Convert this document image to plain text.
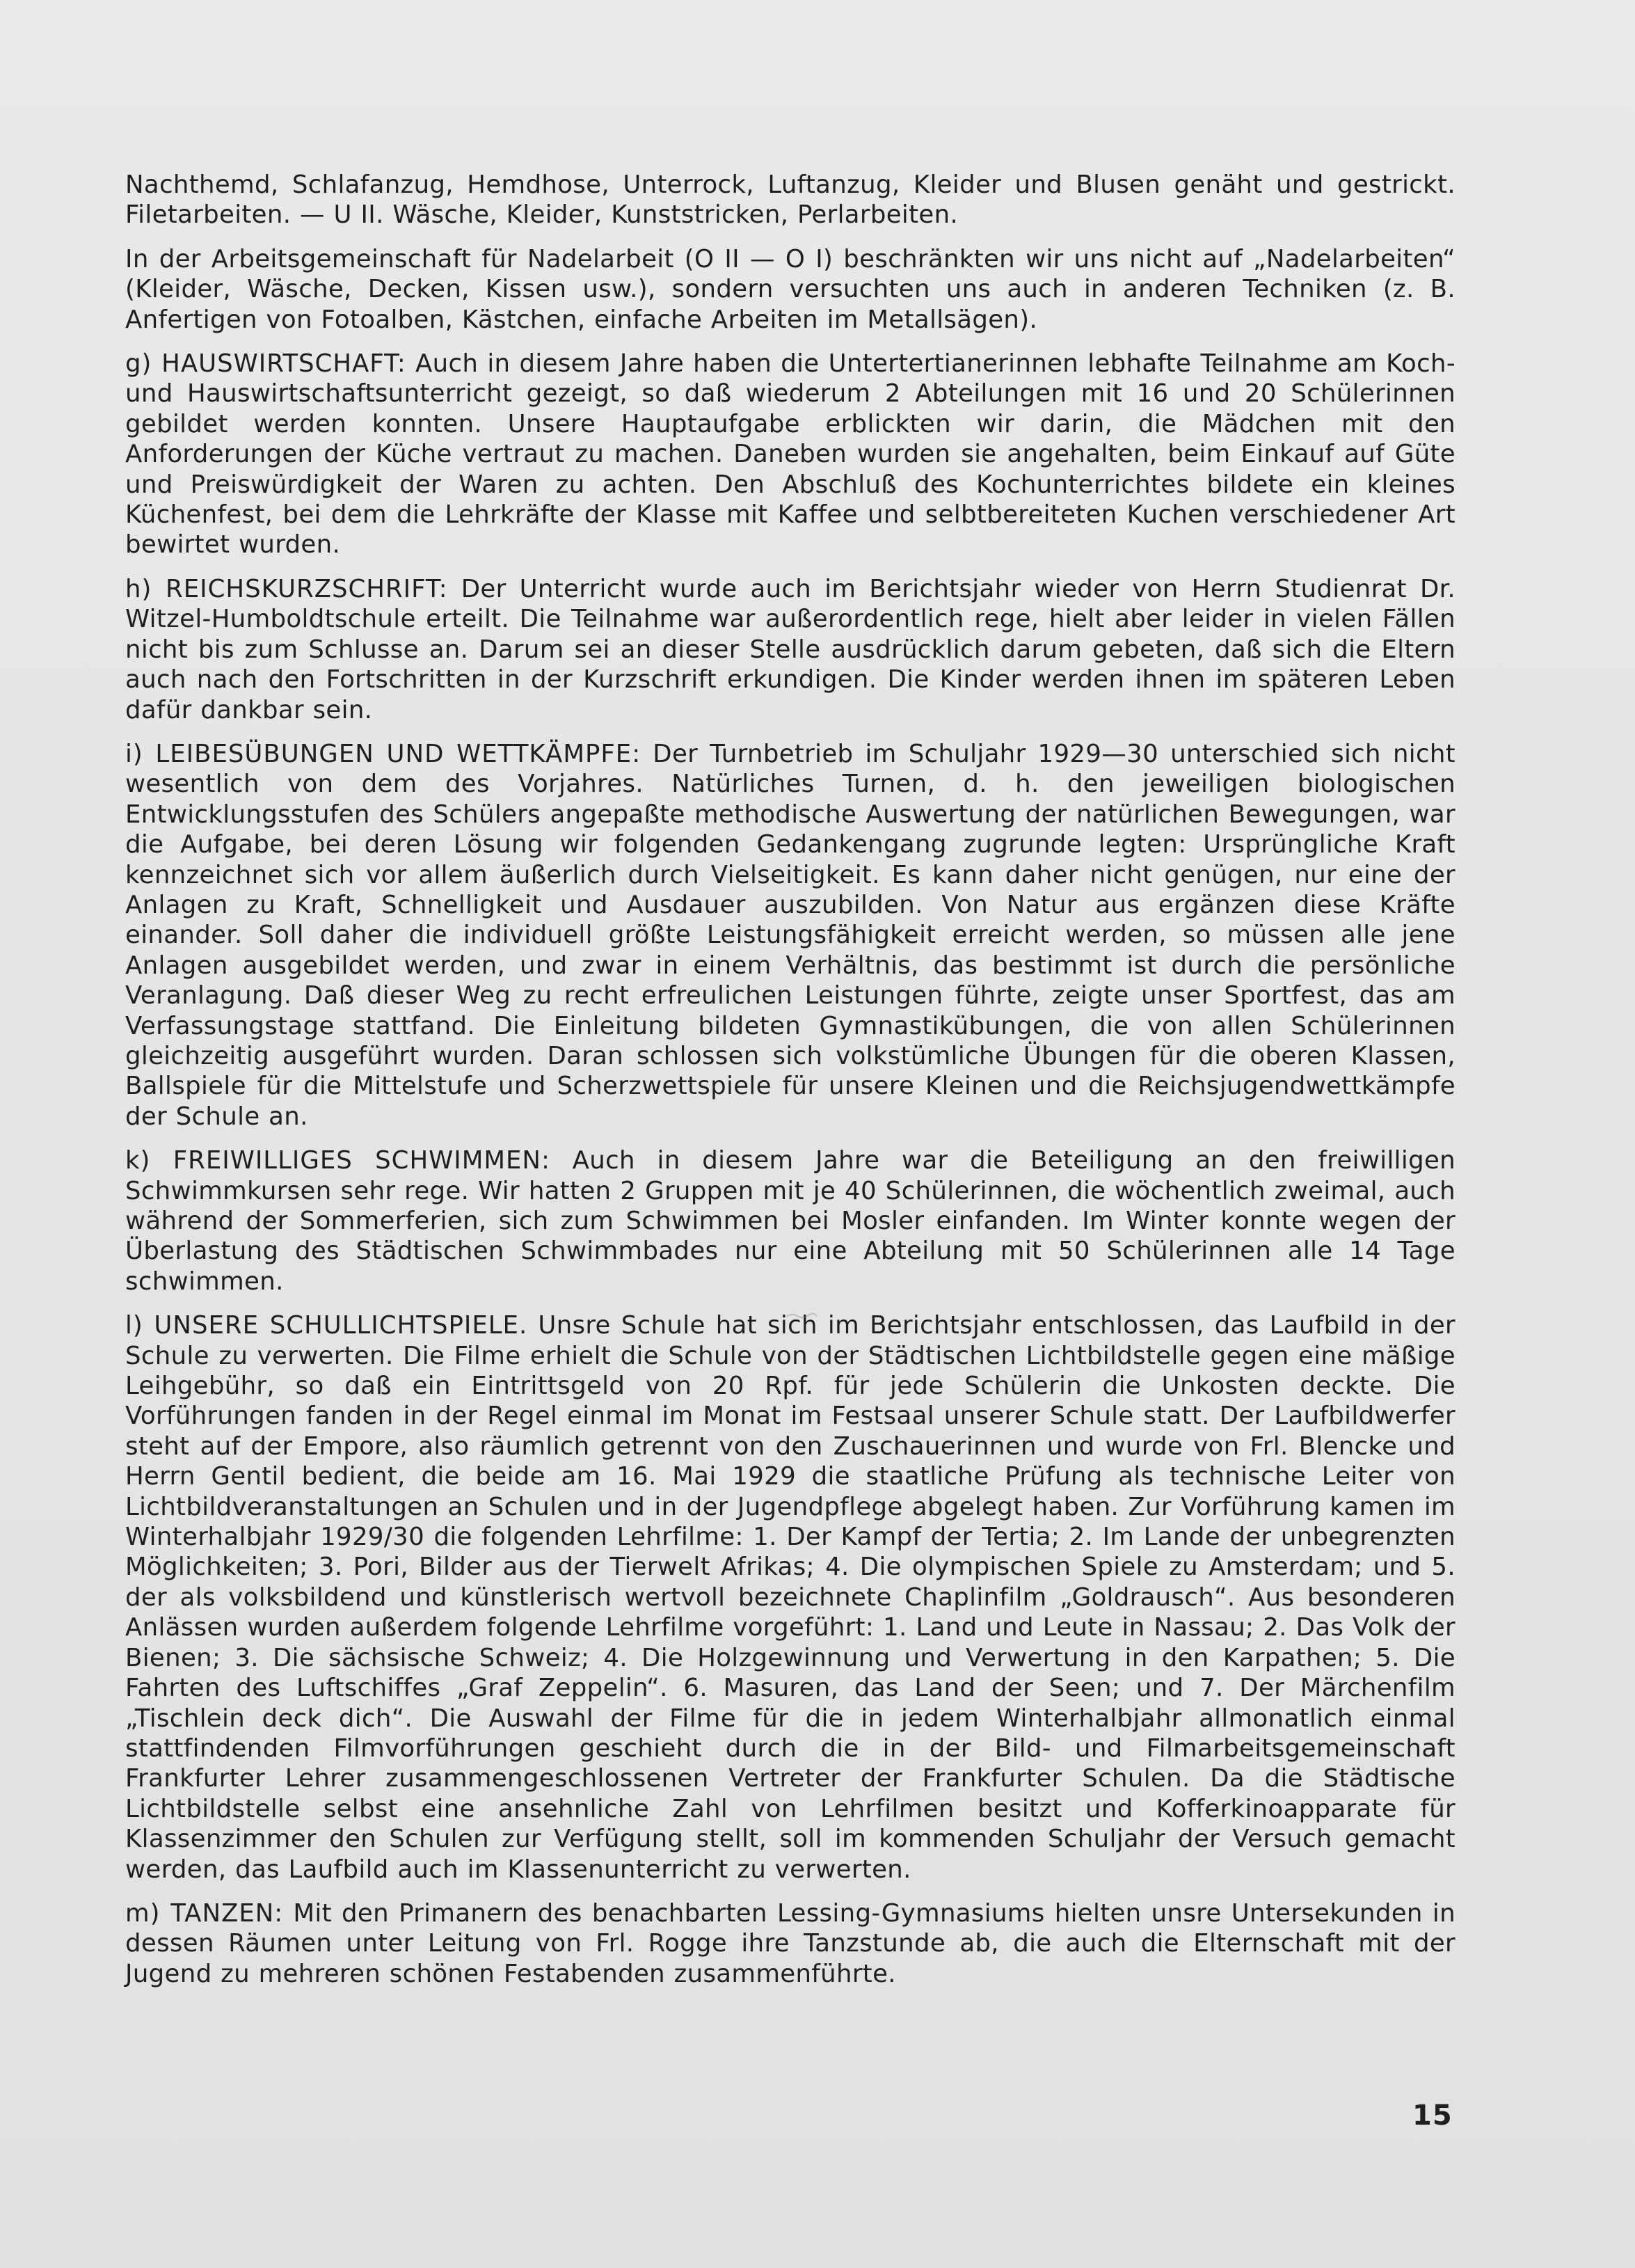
Nachthemd, Schlafanzug, Hemdhose, Unterrock, Luftanzug, Kleider und Blusen genäht und gestrickt. Filetarbeiten. — U II. Wäsche, Kleider, Kunststricken, Perlarbeiten.

In der Arbeitsgemeinschaft für Nadelarbeit (O II — O I) beschränkten wir uns nicht auf „Nadelarbeiten“ (Kleider, Wäsche, Decken, Kissen usw.), sondern versuchten uns auch in anderen Techniken (z. B. Anfertigen von Fotoalben, Kästchen, einfache Arbeiten im Metallsägen).

g) HAUSWIRTSCHAFT: Auch in diesem Jahre haben die Untertertianerinnen lebhafte Teilnahme am Koch- und Hauswirtschaftsunterricht gezeigt, so daß wiederum 2 Abteilungen mit 16 und 20 Schülerinnen gebildet werden konnten. Unsere Hauptaufgabe erblickten wir darin, die Mädchen mit den Anforderungen der Küche vertraut zu machen. Daneben wurden sie angehalten, beim Einkauf auf Güte und Preiswürdigkeit der Waren zu achten. Den Abschluß des Kochunterrichtes bildete ein kleines Küchenfest, bei dem die Lehrkräfte der Klasse mit Kaffee und selbtbereiteten Kuchen verschiedener Art bewirtet wurden.

h) REICHSKURZSCHRIFT: Der Unterricht wurde auch im Berichtsjahr wieder von Herrn Studienrat Dr. Witzel-Humboldtschule erteilt. Die Teilnahme war außerordentlich rege, hielt aber leider in vielen Fällen nicht bis zum Schlusse an. Darum sei an dieser Stelle ausdrücklich darum gebeten, daß sich die Eltern auch nach den Fortschritten in der Kurzschrift erkundigen. Die Kinder werden ihnen im späteren Leben dafür dankbar sein.

i) LEIBESÜBUNGEN UND WETTKÄMPFE: Der Turnbetrieb im Schuljahr 1929—30 unterschied sich nicht wesentlich von dem des Vorjahres. Natürliches Turnen, d. h. den jeweiligen biologischen Entwicklungsstufen des Schülers angepaßte methodische Auswertung der natürlichen Bewegungen, war die Aufgabe, bei deren Lösung wir folgenden Gedankengang zugrunde legten: Ursprüngliche Kraft kennzeichnet sich vor allem äußerlich durch Vielseitigkeit. Es kann daher nicht genügen, nur eine der Anlagen zu Kraft, Schnelligkeit und Ausdauer auszubilden. Von Natur aus ergänzen diese Kräfte einander. Soll daher die individuell größte Leistungsfähigkeit erreicht werden, so müssen alle jene Anlagen ausgebildet werden, und zwar in einem Verhältnis, das bestimmt ist durch die persönliche Veranlagung. Daß dieser Weg zu recht erfreulichen Leistungen führte, zeigte unser Sportfest, das am Verfassungstage stattfand. Die Einleitung bildeten Gymnastikübungen, die von allen Schülerinnen gleichzeitig ausgeführt wurden. Daran schlossen sich volkstümliche Übungen für die oberen Klassen, Ballspiele für die Mittelstufe und Scherzwettspiele für unsere Kleinen und die Reichsjugendwettkämpfe der Schule an.

k) FREIWILLIGES SCHWIMMEN: Auch in diesem Jahre war die Beteiligung an den freiwilligen Schwimmkursen sehr rege. Wir hatten 2 Gruppen mit je 40 Schülerinnen, die wöchentlich zweimal, auch während der Sommerferien, sich zum Schwimmen bei Mosler einfanden. Im Winter konnte wegen der Überlastung des Städtischen Schwimmbades nur eine Abteilung mit 50 Schülerinnen alle 14 Tage schwimmen.

l) UNSERE SCHULLICHTSPIELE. Unsre Schule hat sich im Berichtsjahr entschlossen, das Laufbild in der Schule zu verwerten. Die Filme erhielt die Schule von der Städtischen Lichtbildstelle gegen eine mäßige Leihgebühr, so daß ein Eintrittsgeld von 20 Rpf. für jede Schülerin die Unkosten deckte. Die Vorführungen fanden in der Regel einmal im Monat im Festsaal unserer Schule statt. Der Laufbildwerfer steht auf der Empore, also räumlich getrennt von den Zuschauerinnen und wurde von Frl. Blencke und Herrn Gentil bedient, die beide am 16. Mai 1929 die staatliche Prüfung als technische Leiter von Lichtbildveranstaltungen an Schulen und in der Jugendpflege abgelegt haben. Zur Vorführung kamen im Winterhalbjahr 1929/30 die folgenden Lehrfilme: 1. Der Kampf der Tertia; 2. Im Lande der unbegrenzten Möglichkeiten; 3. Pori, Bilder aus der Tierwelt Afrikas; 4. Die olympischen Spiele zu Amsterdam; und 5. der als volksbildend und künstlerisch wertvoll bezeichnete Chaplinfilm „Goldrausch“. Aus besonderen Anlässen wurden außerdem folgende Lehrfilme vorgeführt: 1. Land und Leute in Nassau; 2. Das Volk der Bienen; 3. Die sächsische Schweiz; 4. Die Holzgewinnung und Verwertung in den Karpathen; 5. Die Fahrten des Luftschiffes „Graf Zeppelin“. 6. Masuren, das Land der Seen; und 7. Der Märchenfilm „Tischlein deck dich“. Die Auswahl der Filme für die in jedem Winterhalbjahr allmonatlich einmal stattfindenden Filmvorführungen geschieht durch die in der Bild- und Filmarbeitsgemeinschaft Frankfurter Lehrer zusammengeschlossenen Vertreter der Frankfurter Schulen. Da die Städtische Lichtbildstelle selbst eine ansehnliche Zahl von Lehrfilmen besitzt und Kofferkinoapparate für Klassenzimmer den Schulen zur Verfügung stellt, soll im kommenden Schuljahr der Versuch gemacht werden, das Laufbild auch im Klassenunterricht zu verwerten.

m) TANZEN: Mit den Primanern des benachbarten Lessing-Gymnasiums hielten unsre Untersekunden in dessen Räumen unter Leitung von Frl. Rogge ihre Tanzstunde ab, die auch die Elternschaft mit der Jugend zu mehreren schönen Festabenden zusammenführte.

15
